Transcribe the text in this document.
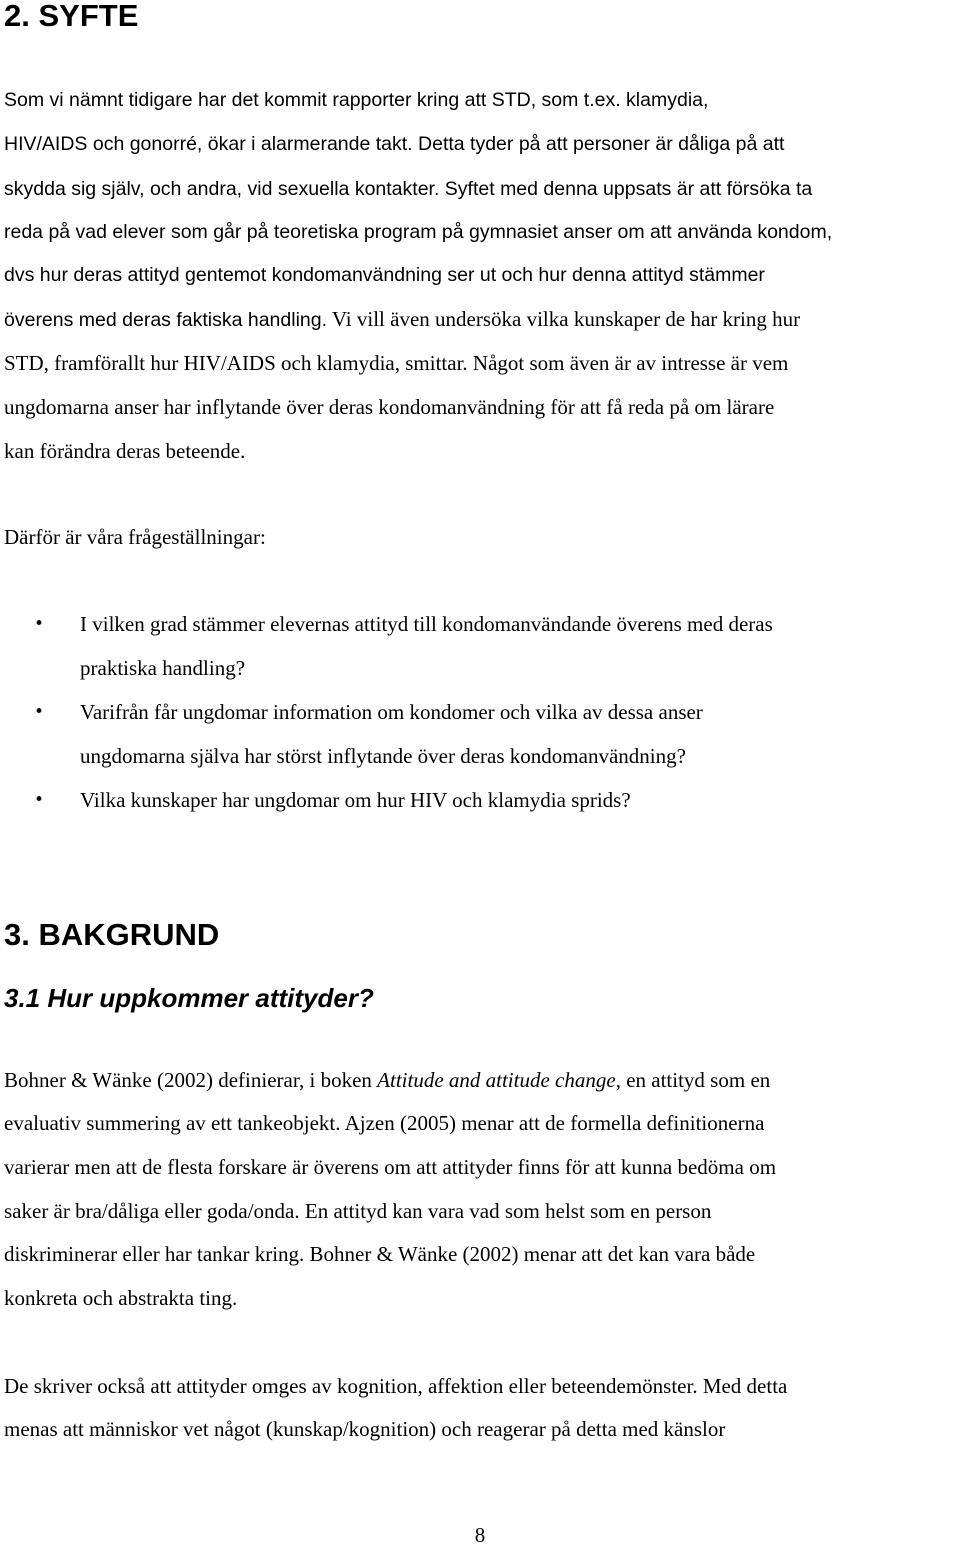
2. SYFTE
Som vi nämnt tidigare har det kommit rapporter kring att STD, som t.ex. klamydia,
HIV/AIDS och gonorré, ökar i alarmerande takt. Detta tyder på att personer är dåliga på att
skydda sig själv, och andra, vid sexuella kontakter. Syftet med denna uppsats är att försöka ta
reda på vad elever som går på teoretiska program på gymnasiet anser om att använda kondom,
dvs hur deras attityd gentemot kondomanvändning ser ut och hur denna attityd stämmer
överens med deras faktiska handling. Vi vill även undersöka vilka kunskaper de har kring hur
STD, framförallt hur HIV/AIDS och klamydia, smittar. Något som även är av intresse är vem
ungdomarna anser har inflytande över deras kondomanvändning för att få reda på om lärare
kan förändra deras beteende.
Därför är våra frågeställningar:
• I vilken grad stämmer elevernas attityd till kondomanvändande överens med deras
praktiska handling?
• Varifrån får ungdomar information om kondomer och vilka av dessa anser
ungdomarna själva har störst inflytande över deras kondomanvändning?
• Vilka kunskaper har ungdomar om hur HIV och klamydia sprids?
3. BAKGRUND
3.1 Hur uppkommer attityder?
Bohner & Wänke (2002) definierar, i boken Attitude and attitude change, en attityd som en
evaluativ summering av ett tankeobjekt. Ajzen (2005) menar att de formella definitionerna
varierar men att de flesta forskare är överens om att attityder finns för att kunna bedöma om
saker är bra/dåliga eller goda/onda. En attityd kan vara vad som helst som en person
diskriminerar eller har tankar kring. Bohner & Wänke (2002) menar att det kan vara både
konkreta och abstrakta ting.
De skriver också att attityder omges av kognition, affektion eller beteendemönster. Med detta
menas att människor vet något (kunskap/kognition) och reagerar på detta med känslor
8
